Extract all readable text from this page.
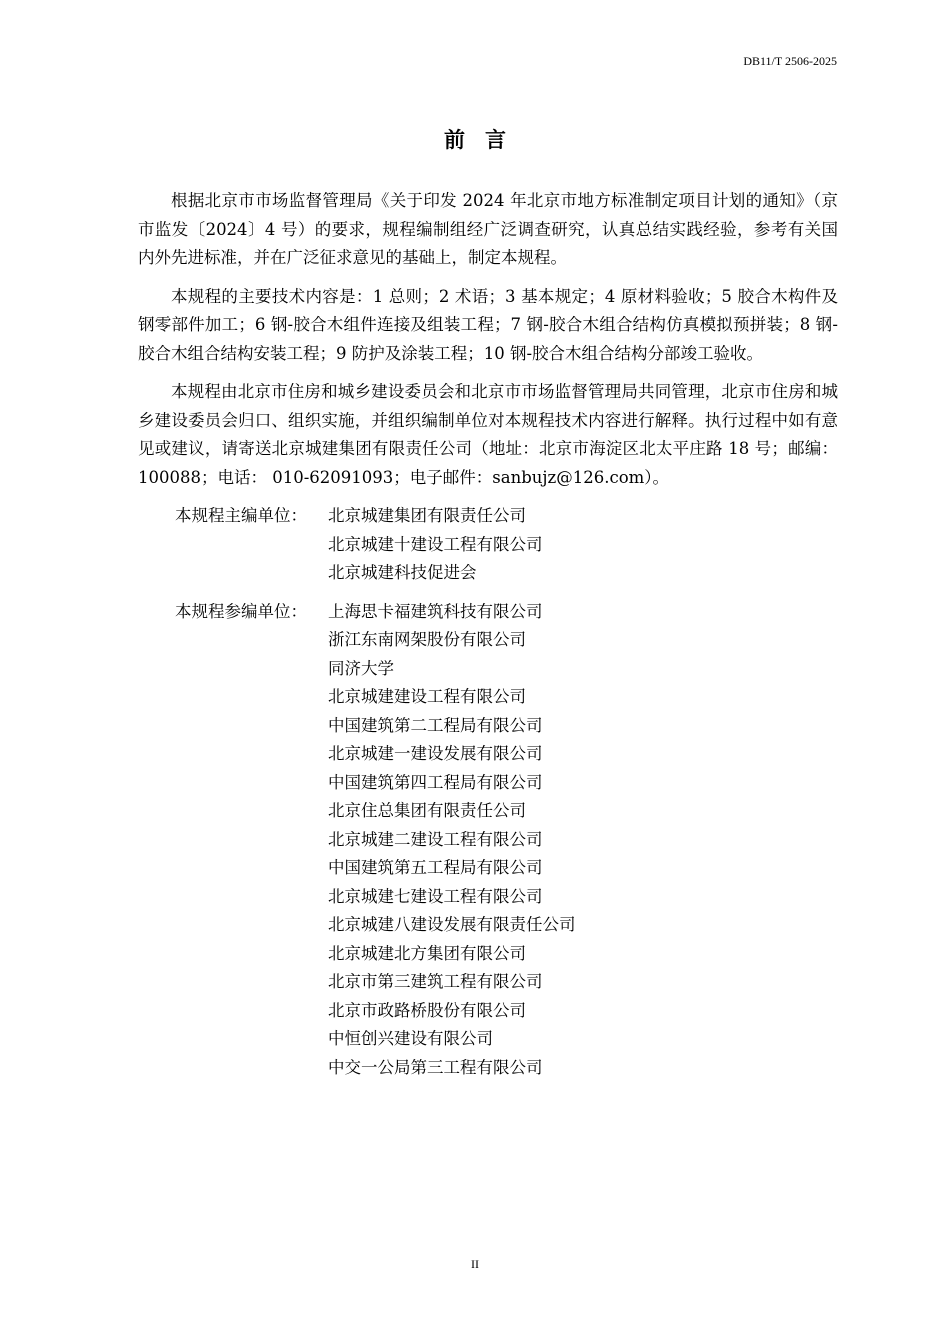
DB11/T 2506-2025
前言

根据北京市市场监督管理局《关于印发 2024 年北京市地方标准制定项目计划的通知》（京市监发〔2024〕4 号）的要求，规程编制组经广泛调查研究，认真总结实践经验，参考有关国内外先进标准，并在广泛征求意见的基础上，制定本规程。

本规程的主要技术内容是：1 总则；2 术语；3 基本规定；4 原材料验收；5 胶合木构件及钢零部件加工；6 钢-胶合木组件连接及组装工程；7 钢-胶合木组合结构仿真模拟预拼装；8 钢-胶合木组合结构安装工程；9 防护及涂装工程；10 钢-胶合木组合结构分部竣工验收。

本规程由北京市住房和城乡建设委员会和北京市市场监督管理局共同管理，北京市住房和城乡建设委员会归口、组织实施，并组织编制单位对本规程技术内容进行解释。执行过程中如有意见或建议，请寄送北京城建集团有限责任公司（地址：北京市海淀区北太平庄路 18 号；邮编： 100088；电话： 010-62091093；电子邮件：sanbujz@126.com）。

本规程主编单位：	北京城建集团有限责任公司
北京城建十建设工程有限公司
北京城建科技促进会
本规程参编单位：	上海思卡福建筑科技有限公司
浙江东南网架股份有限公司
同济大学
北京城建建设工程有限公司
中国建筑第二工程局有限公司
北京城建一建设发展有限公司
中国建筑第四工程局有限公司
北京住总集团有限责任公司
北京城建二建设工程有限公司
中国建筑第五工程局有限公司
北京城建七建设工程有限公司
北京城建八建设发展有限责任公司
北京城建北方集团有限公司
北京市第三建筑工程有限公司
北京市政路桥股份有限公司
中恒创兴建设有限公司
中交一公局第三工程有限公司
II
